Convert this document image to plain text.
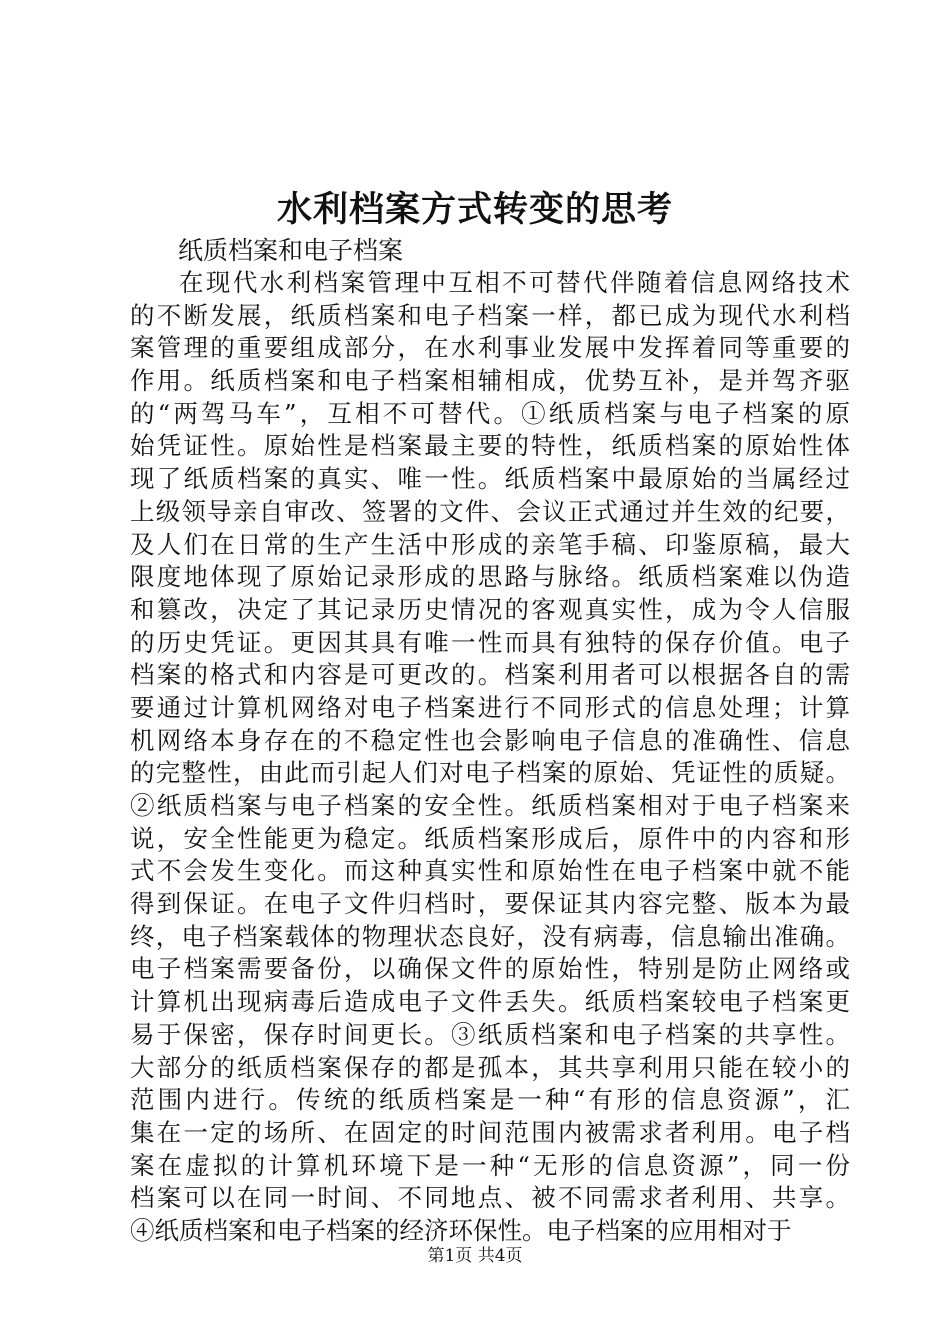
水利档案方式转变的思考

纸质档案和电子档案

在现代水利档案管理中互相不可替代伴随着信息网络技术
的不断发展，纸质档案和电子档案一样，都已成为现代水利档
案管理的重要组成部分，在水利事业发展中发挥着同等重要的
作用。纸质档案和电子档案相辅相成，优势互补，是并驾齐驱
的“两驾马车”，互相不可替代。①纸质档案与电子档案的原
始凭证性。原始性是档案最主要的特性，纸质档案的原始性体
现了纸质档案的真实、唯一性。纸质档案中最原始的当属经过
上级领导亲自审改、签署的文件、会议正式通过并生效的纪要，
及人们在日常的生产生活中形成的亲笔手稿、印鉴原稿，最大
限度地体现了原始记录形成的思路与脉络。纸质档案难以伪造
和篡改，决定了其记录历史情况的客观真实性，成为令人信服
的历史凭证。更因其具有唯一性而具有独特的保存价值。电子
档案的格式和内容是可更改的。档案利用者可以根据各自的需
要通过计算机网络对电子档案进行不同形式的信息处理；计算
机网络本身存在的不稳定性也会影响电子信息的准确性、信息
的完整性，由此而引起人们对电子档案的原始、凭证性的质疑。
②纸质档案与电子档案的安全性。纸质档案相对于电子档案来
说，安全性能更为稳定。纸质档案形成后，原件中的内容和形
式不会发生变化。而这种真实性和原始性在电子档案中就不能
得到保证。在电子文件归档时，要保证其内容完整、版本为最
终，电子档案载体的物理状态良好，没有病毒，信息输出准确。
电子档案需要备份，以确保文件的原始性，特别是防止网络或
计算机出现病毒后造成电子文件丢失。纸质档案较电子档案更
易于保密，保存时间更长。③纸质档案和电子档案的共享性。
大部分的纸质档案保存的都是孤本，其共享利用只能在较小的
范围内进行。传统的纸质档案是一种“有形的信息资源”，汇
集在一定的场所、在固定的时间范围内被需求者利用。电子档
案在虚拟的计算机环境下是一种“无形的信息资源”，同一份
档案可以在同一时间、不同地点、被不同需求者利用、共享。
④纸质档案和电子档案的经济环保性。电子档案的应用相对于

第1页 共4页
